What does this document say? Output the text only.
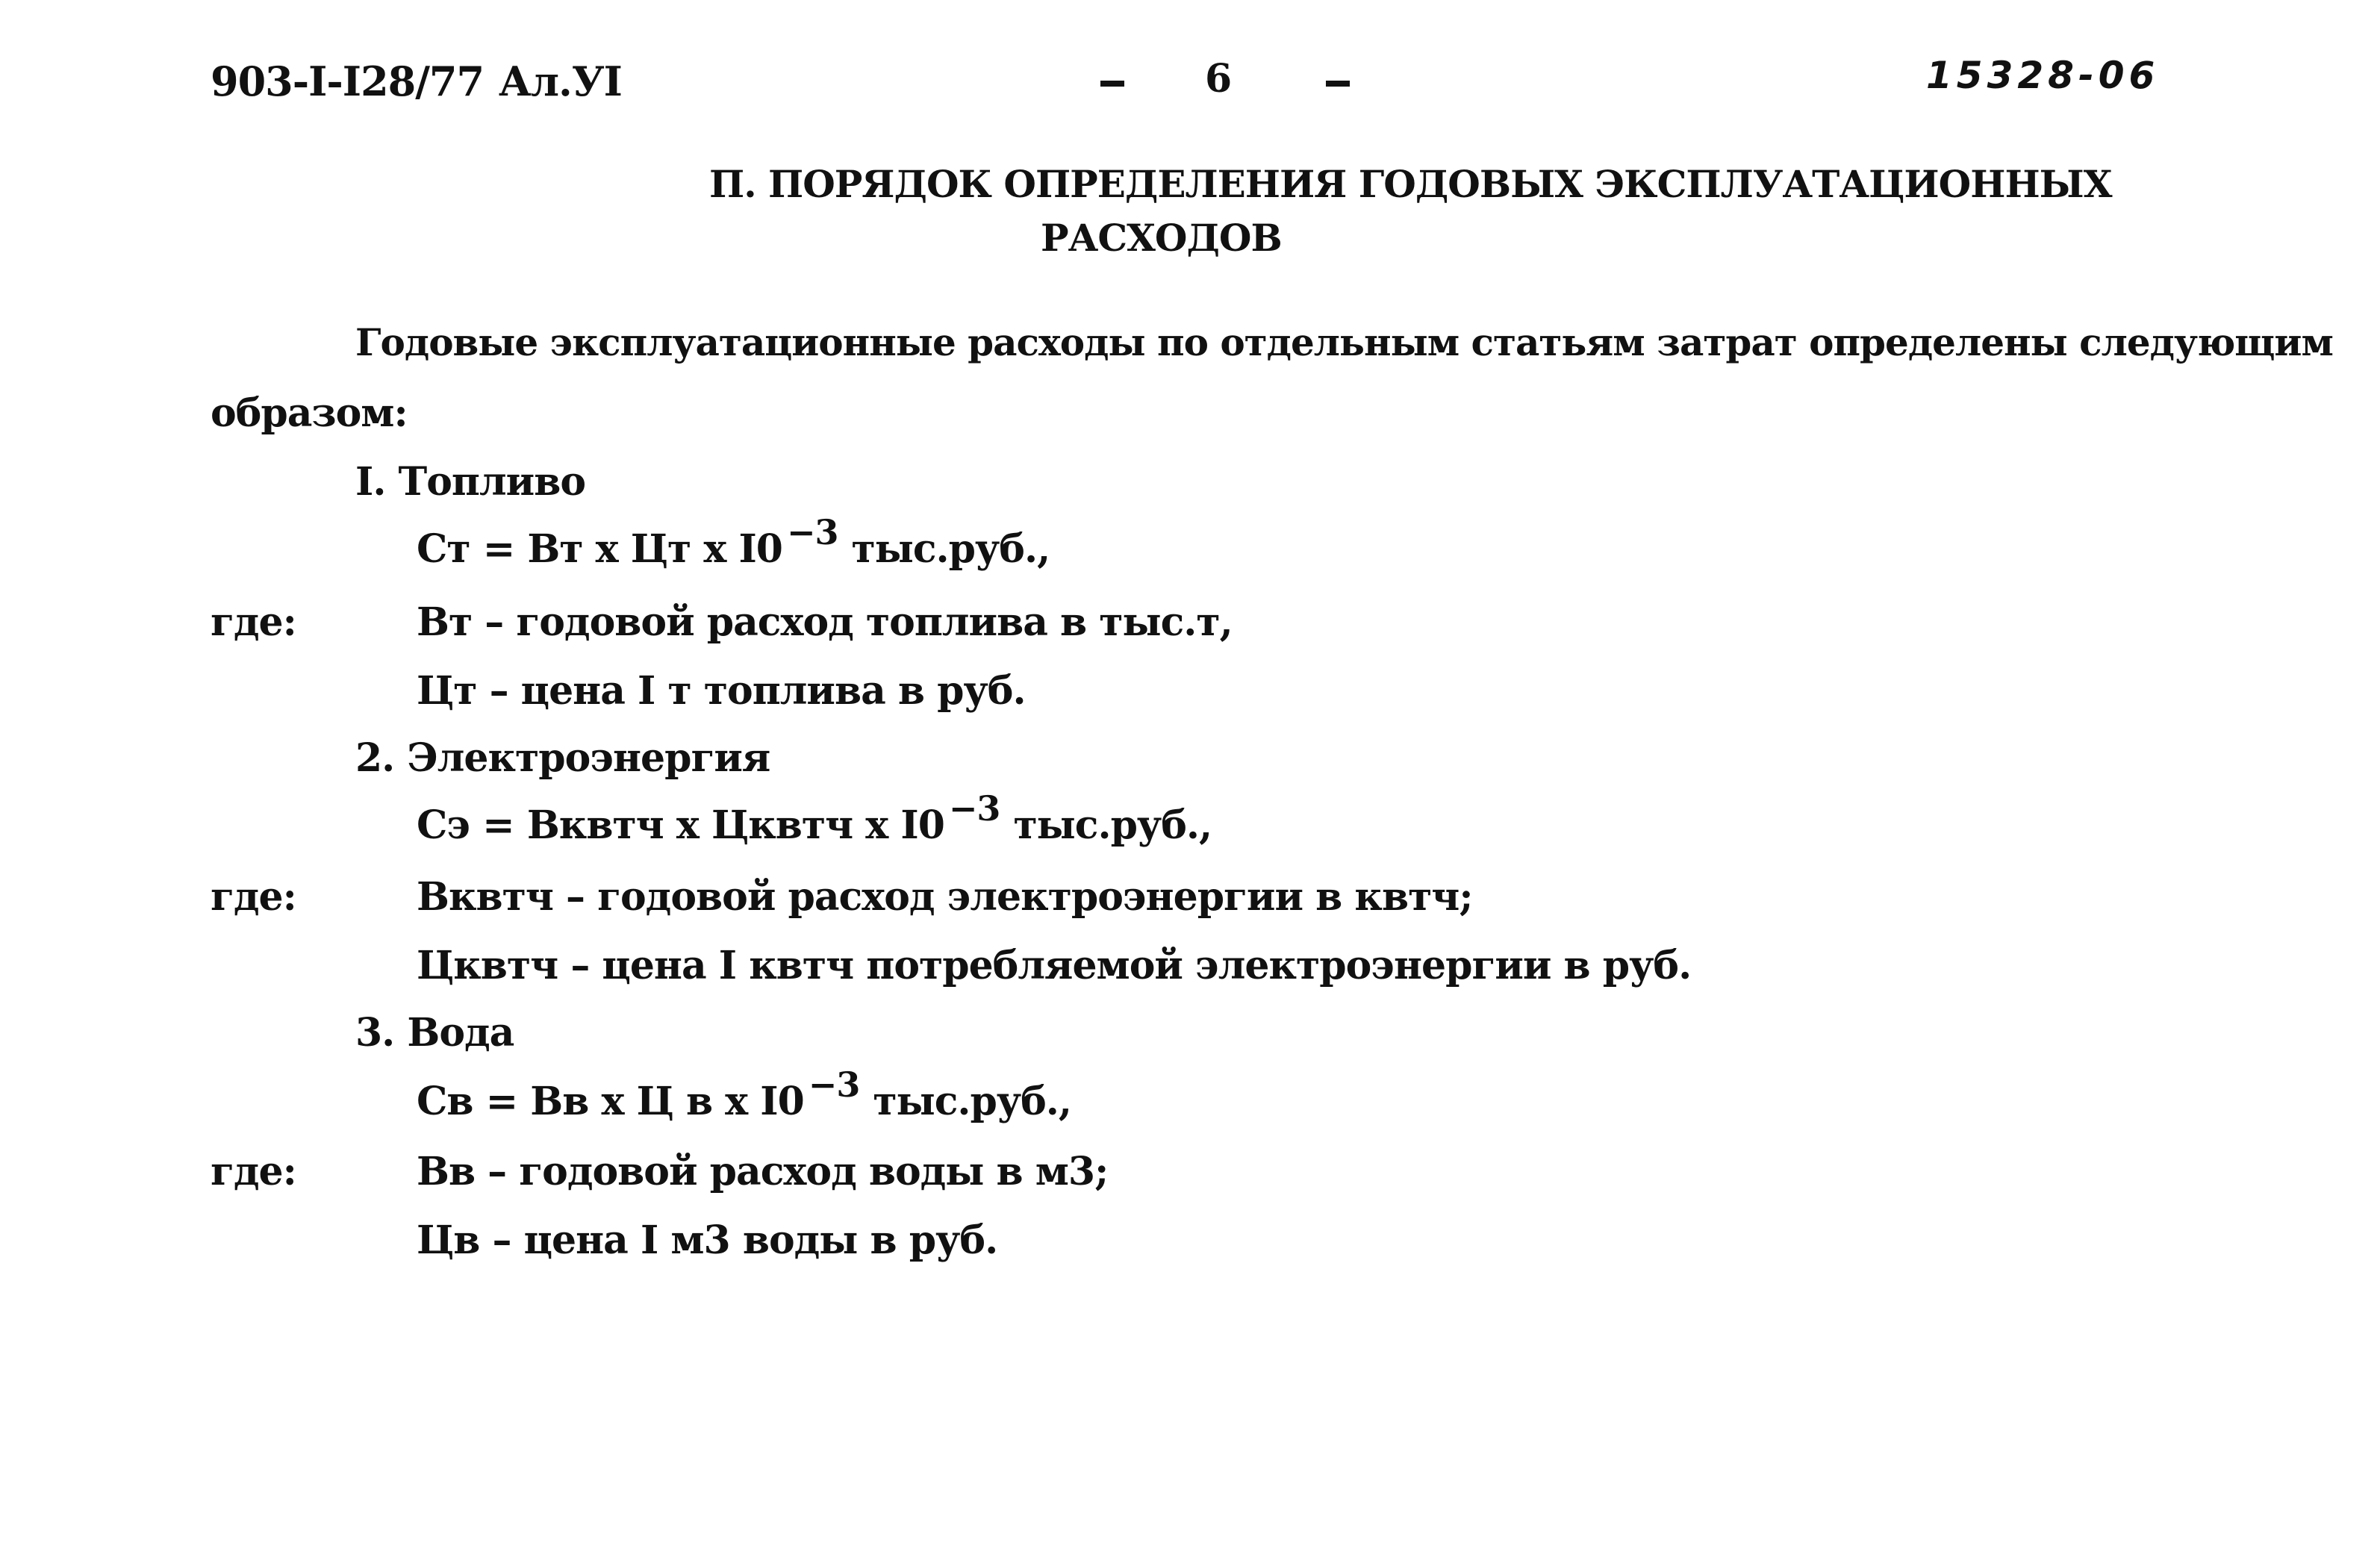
903-I-I28/77 Ал.УI	6	15328-06
П. ПОРЯДОК ОПРЕДЕЛЕНИЯ ГОДОВЫХ ЭКСПЛУАТАЦИОННЫХ
РАСХОДОВ
Годовые эксплуатационные расходы по отдельным статьям затрат определены следующим
образом:
I. Топливо
Ст = Вт х Цт х I0 −3 тыс.руб.,
где:	Вт – годовой расход топлива в тыс.т,
Цт – цена I т топлива в руб.
2. Электроэнергия
Сэ = Вквтч х Цквтч х I0 −3 тыс.руб.,
где:	Вквтч – годовой расход электроэнергии в квтч;
Цквтч – цена I квтч потребляемой электроэнергии в руб.
3. Вода
Св = Вв х Ц в х I0 −3 тыс.руб.,
где:	Вв – годовой расход воды в м3;
Цв – цена I м3 воды в руб.
